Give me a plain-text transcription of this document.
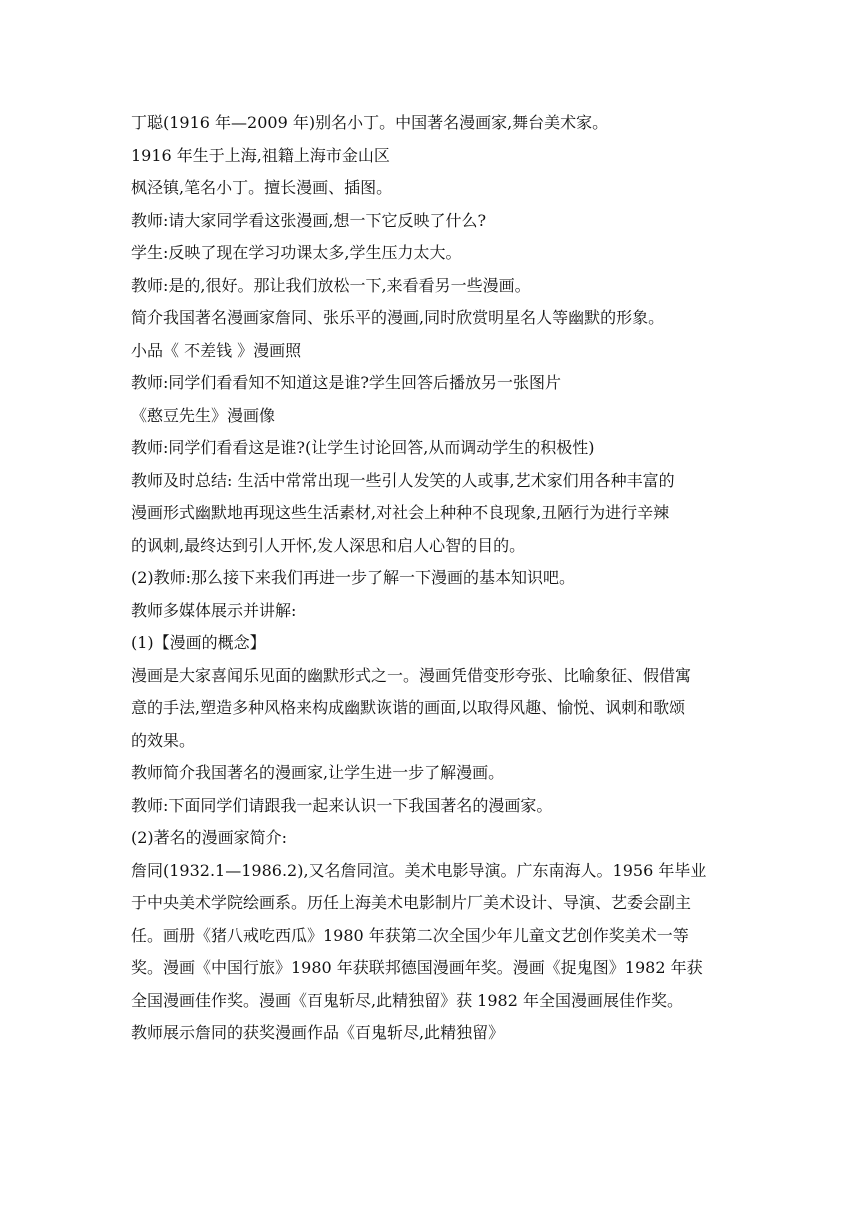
丁聪(1916 年—2009 年)别名小丁。中国著名漫画家,舞台美术家。
1916 年生于上海,祖籍上海市金山区
枫泾镇,笔名小丁。擅长漫画、插图。
教师:请大家同学看这张漫画,想一下它反映了什么?
学生:反映了现在学习功课太多,学生压力太大。
教师:是的,很好。那让我们放松一下,来看看另一些漫画。
简介我国著名漫画家詹同、张乐平的漫画,同时欣赏明星名人等幽默的形象。
小品《 不差钱 》漫画照
教师:同学们看看知不知道这是谁?学生回答后播放另一张图片
《憨豆先生》漫画像
教师:同学们看看这是谁?(让学生讨论回答,从而调动学生的积极性)
教师及时总结: 生活中常常出现一些引人发笑的人或事,艺术家们用各种丰富的
漫画形式幽默地再现这些生活素材,对社会上种种不良现象,丑陋行为进行辛辣
的讽刺,最终达到引人开怀,发人深思和启人心智的目的。
(2)教师:那么接下来我们再进一步了解一下漫画的基本知识吧。
教师多媒体展示并讲解:
(1)【漫画的概念】
漫画是大家喜闻乐见面的幽默形式之一。漫画凭借变形夸张、比喻象征、假借寓
意的手法,塑造多种风格来构成幽默诙谐的画面,以取得风趣、愉悦、讽刺和歌颂
的效果。
教师简介我国著名的漫画家,让学生进一步了解漫画。
教师:下面同学们请跟我一起来认识一下我国著名的漫画家。
(2)著名的漫画家简介:
詹同(1932.1—1986.2),又名詹同渲。美术电影导演。广东南海人。1956 年毕业
于中央美术学院绘画系。历任上海美术电影制片厂美术设计、导演、艺委会副主
任。画册《猪八戒吃西瓜》1980 年获第二次全国少年儿童文艺创作奖美术一等
奖。漫画《中国行旅》1980 年获联邦德国漫画年奖。漫画《捉鬼图》1982 年获
全国漫画佳作奖。漫画《百鬼斩尽,此精独留》获 1982 年全国漫画展佳作奖。
教师展示詹同的获奖漫画作品《百鬼斩尽,此精独留》
